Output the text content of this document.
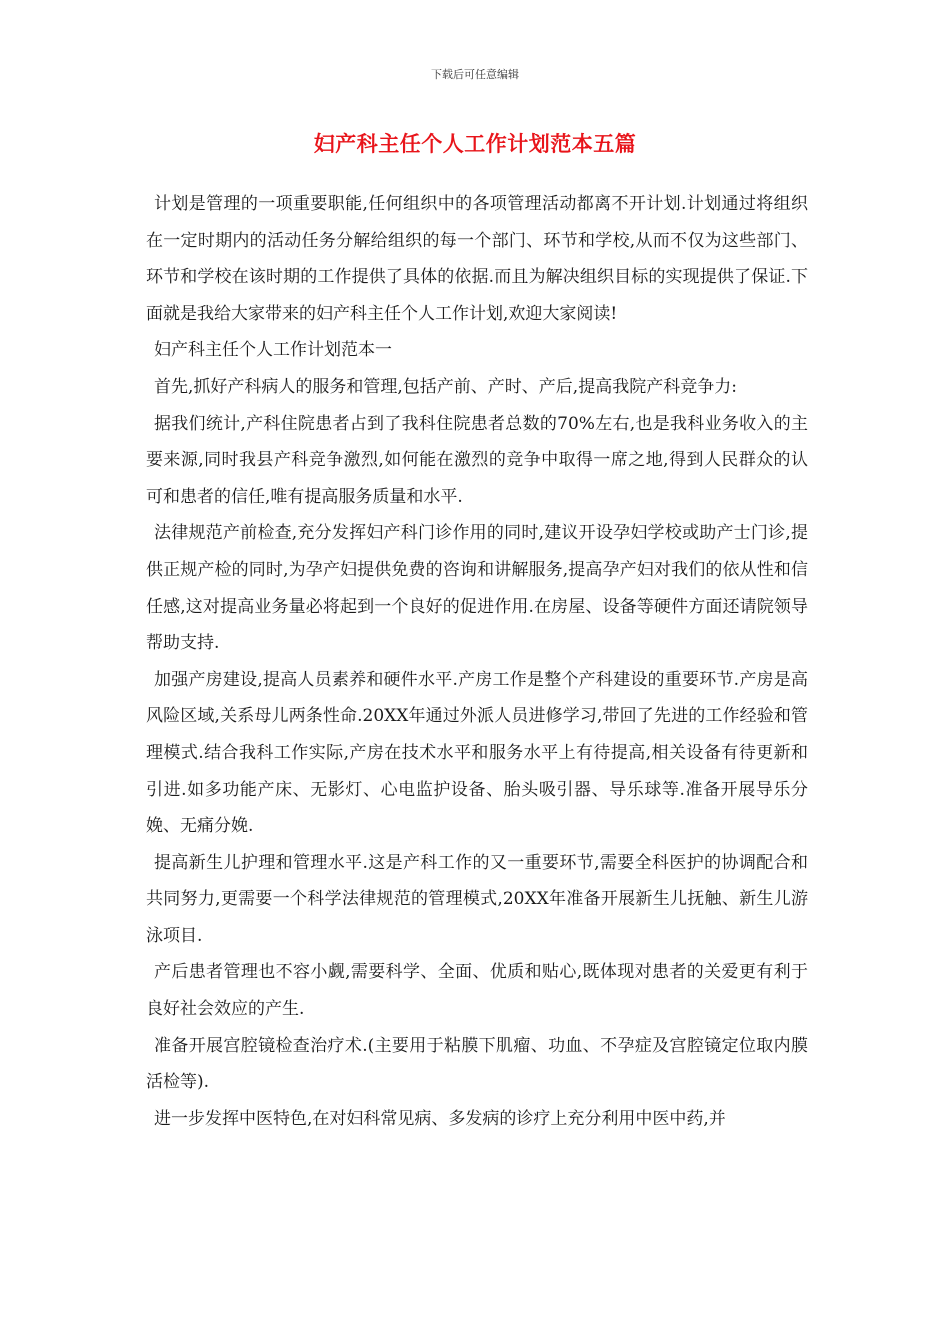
下载后可任意编辑
妇产科主任个人工作计划范本五篇

计划是管理的一项重要职能,任何组织中的各项管理活动都离不开计划.计划通过将组织在一定时期内的活动任务分解给组织的每一个部门、环节和学校,从而不仅为这些部门、环节和学校在该时期的工作提供了具体的依据.而且为解决组织目标的实现提供了保证.下面就是我给大家带来的妇产科主任个人工作计划,欢迎大家阅读!

妇产科主任个人工作计划范本一

首先,抓好产科病人的服务和管理,包括产前、产时、产后,提高我院产科竞争力:

据我们统计,产科住院患者占到了我科住院患者总数的70%左右,也是我科业务收入的主要来源,同时我县产科竞争激烈,如何能在激烈的竞争中取得一席之地,得到人民群众的认可和患者的信任,唯有提高服务质量和水平.

法律规范产前检查,充分发挥妇产科门诊作用的同时,建议开设孕妇学校或助产士门诊,提供正规产检的同时,为孕产妇提供免费的咨询和讲解服务,提高孕产妇对我们的依从性和信任感,这对提高业务量必将起到一个良好的促进作用.在房屋、设备等硬件方面还请院领导帮助支持.

加强产房建设,提高人员素养和硬件水平.产房工作是整个产科建设的重要环节.产房是高风险区域,关系母儿两条性命.20XX年通过外派人员进修学习,带回了先进的工作经验和管理模式.结合我科工作实际,产房在技术水平和服务水平上有待提高,相关设备有待更新和引进.如多功能产床、无影灯、心电监护设备、胎头吸引器、导乐球等.准备开展导乐分娩、无痛分娩.

提高新生儿护理和管理水平.这是产科工作的又一重要环节,需要全科医护的协调配合和共同努力,更需要一个科学法律规范的管理模式,20XX年准备开展新生儿抚触、新生儿游泳项目.

产后患者管理也不容小觑,需要科学、全面、优质和贴心,既体现对患者的关爱更有利于良好社会效应的产生.

准备开展宫腔镜检查治疗术.(主要用于粘膜下肌瘤、功血、不孕症及宫腔镜定位取内膜活检等).

进一步发挥中医特色,在对妇科常见病、多发病的诊疗上充分利用中医中药,并
